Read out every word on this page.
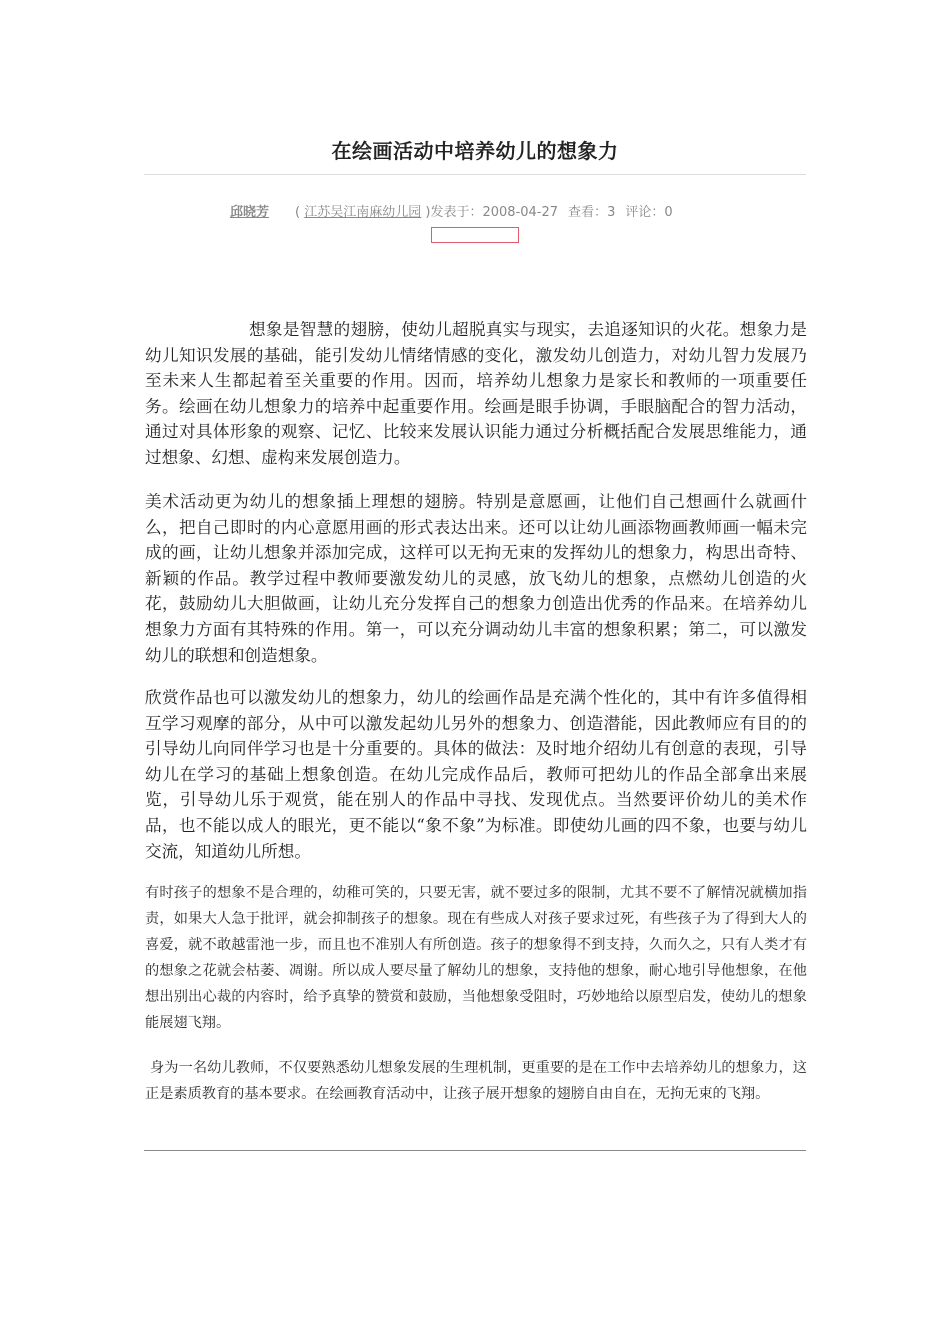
在绘画活动中培养幼儿的想象力
邱晓芳 ( 江苏吴江南麻幼儿园 )发表于：2008-04-27 查看：3 评论：0

想象是智慧的翅膀，使幼儿超脱真实与现实，去追逐知识的火花。想象力是幼儿知识发展的基础，能引发幼儿情绪情感的变化，激发幼儿创造力，对幼儿智力发展乃至未来人生都起着至关重要的作用。因而，培养幼儿想象力是家长和教师的一项重要任务。绘画在幼儿想象力的培养中起重要作用。绘画是眼手协调，手眼脑配合的智力活动，通过对具体形象的观察、记忆、比较来发展认识能力通过分析概括配合发展思维能力，通过想象、幻想、虚构来发展创造力。

美术活动更为幼儿的想象插上理想的翅膀。特别是意愿画，让他们自己想画什么就画什么，把自己即时的内心意愿用画的形式表达出来。还可以让幼儿画添物画教师画一幅未完成的画，让幼儿想象并添加完成，这样可以无拘无束的发挥幼儿的想象力，构思出奇特、新颖的作品。教学过程中教师要激发幼儿的灵感，放飞幼儿的想象，点燃幼儿创造的火花，鼓励幼儿大胆做画，让幼儿充分发挥自己的想象力创造出优秀的作品来。在培养幼儿想象力方面有其特殊的作用。第一，可以充分调动幼儿丰富的想象积累；第二，可以激发幼儿的联想和创造想象。

欣赏作品也可以激发幼儿的想象力，幼儿的绘画作品是充满个性化的，其中有许多值得相互学习观摩的部分，从中可以激发起幼儿另外的想象力、创造潜能，因此教师应有目的的引导幼儿向同伴学习也是十分重要的。具体的做法：及时地介绍幼儿有创意的表现，引导幼儿在学习的基础上想象创造。在幼儿完成作品后，教师可把幼儿的作品全部拿出来展览，引导幼儿乐于观赏，能在别人的作品中寻找、发现优点。当然要评价幼儿的美术作品，也不能以成人的眼光，更不能以“象不象”为标准。即使幼儿画的四不象，也要与幼儿交流，知道幼儿所想。

有时孩子的想象不是合理的，幼稚可笑的，只要无害，就不要过多的限制，尤其不要不了解情况就横加指责，如果大人急于批评，就会抑制孩子的想象。现在有些成人对孩子要求过死，有些孩子为了得到大人的喜爱，就不敢越雷池一步，而且也不准别人有所创造。孩子的想象得不到支持，久而久之，只有人类才有的想象之花就会枯萎、凋谢。所以成人要尽量了解幼儿的想象，支持他的想象，耐心地引导他想象，在他想出别出心裁的内容时，给予真挚的赞赏和鼓励，当他想象受阻时，巧妙地给以原型启发，使幼儿的想象能展翅飞翔。

身为一名幼儿教师，不仅要熟悉幼儿想象发展的生理机制，更重要的是在工作中去培养幼儿的想象力，这正是素质教育的基本要求。在绘画教育活动中，让孩子展开想象的翅膀自由自在，无拘无束的飞翔。
